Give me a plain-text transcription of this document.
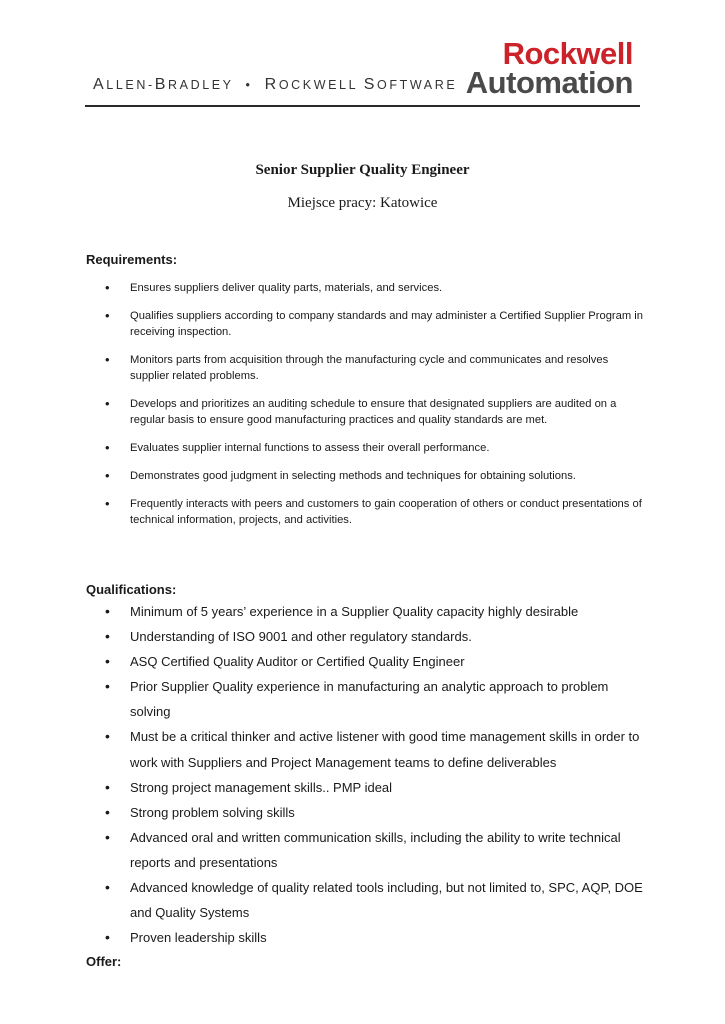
ALLEN-BRADLEY  •  ROCKWELL SOFTWARE
Rockwell
Automation
Senior Supplier Quality Engineer
Miejsce pracy: Katowice
Requirements:
• Ensures suppliers deliver quality parts, materials, and services.
• Qualifies suppliers according to company standards and may administer a Certified Supplier Program in receiving inspection.
• Monitors parts from acquisition through the manufacturing cycle and communicates and resolves supplier related problems.
• Develops and prioritizes an auditing schedule to ensure that designated suppliers are audited on a regular basis to ensure good manufacturing practices and quality standards are met.
• Evaluates supplier internal functions to assess their overall performance.
• Demonstrates good judgment in selecting methods and techniques for obtaining solutions.
• Frequently interacts with peers and customers to gain cooperation of others or conduct presentations of technical information, projects, and activities.
Qualifications:
• Minimum of 5 years’ experience in a Supplier Quality capacity highly desirable
• Understanding of ISO 9001 and other regulatory standards.
• ASQ Certified Quality Auditor or Certified Quality Engineer
• Prior Supplier Quality experience in manufacturing an analytic approach to problem solving
• Must be a critical thinker and active listener with good time management skills in order to work with Suppliers and Project Management teams to define deliverables
• Strong project management skills.. PMP ideal
• Strong problem solving skills
• Advanced oral and written communication skills, including the ability to write technical reports and presentations
• Advanced knowledge of quality related tools including, but not limited to, SPC, AQP, DOE and Quality Systems
• Proven leadership skills
Offer:
